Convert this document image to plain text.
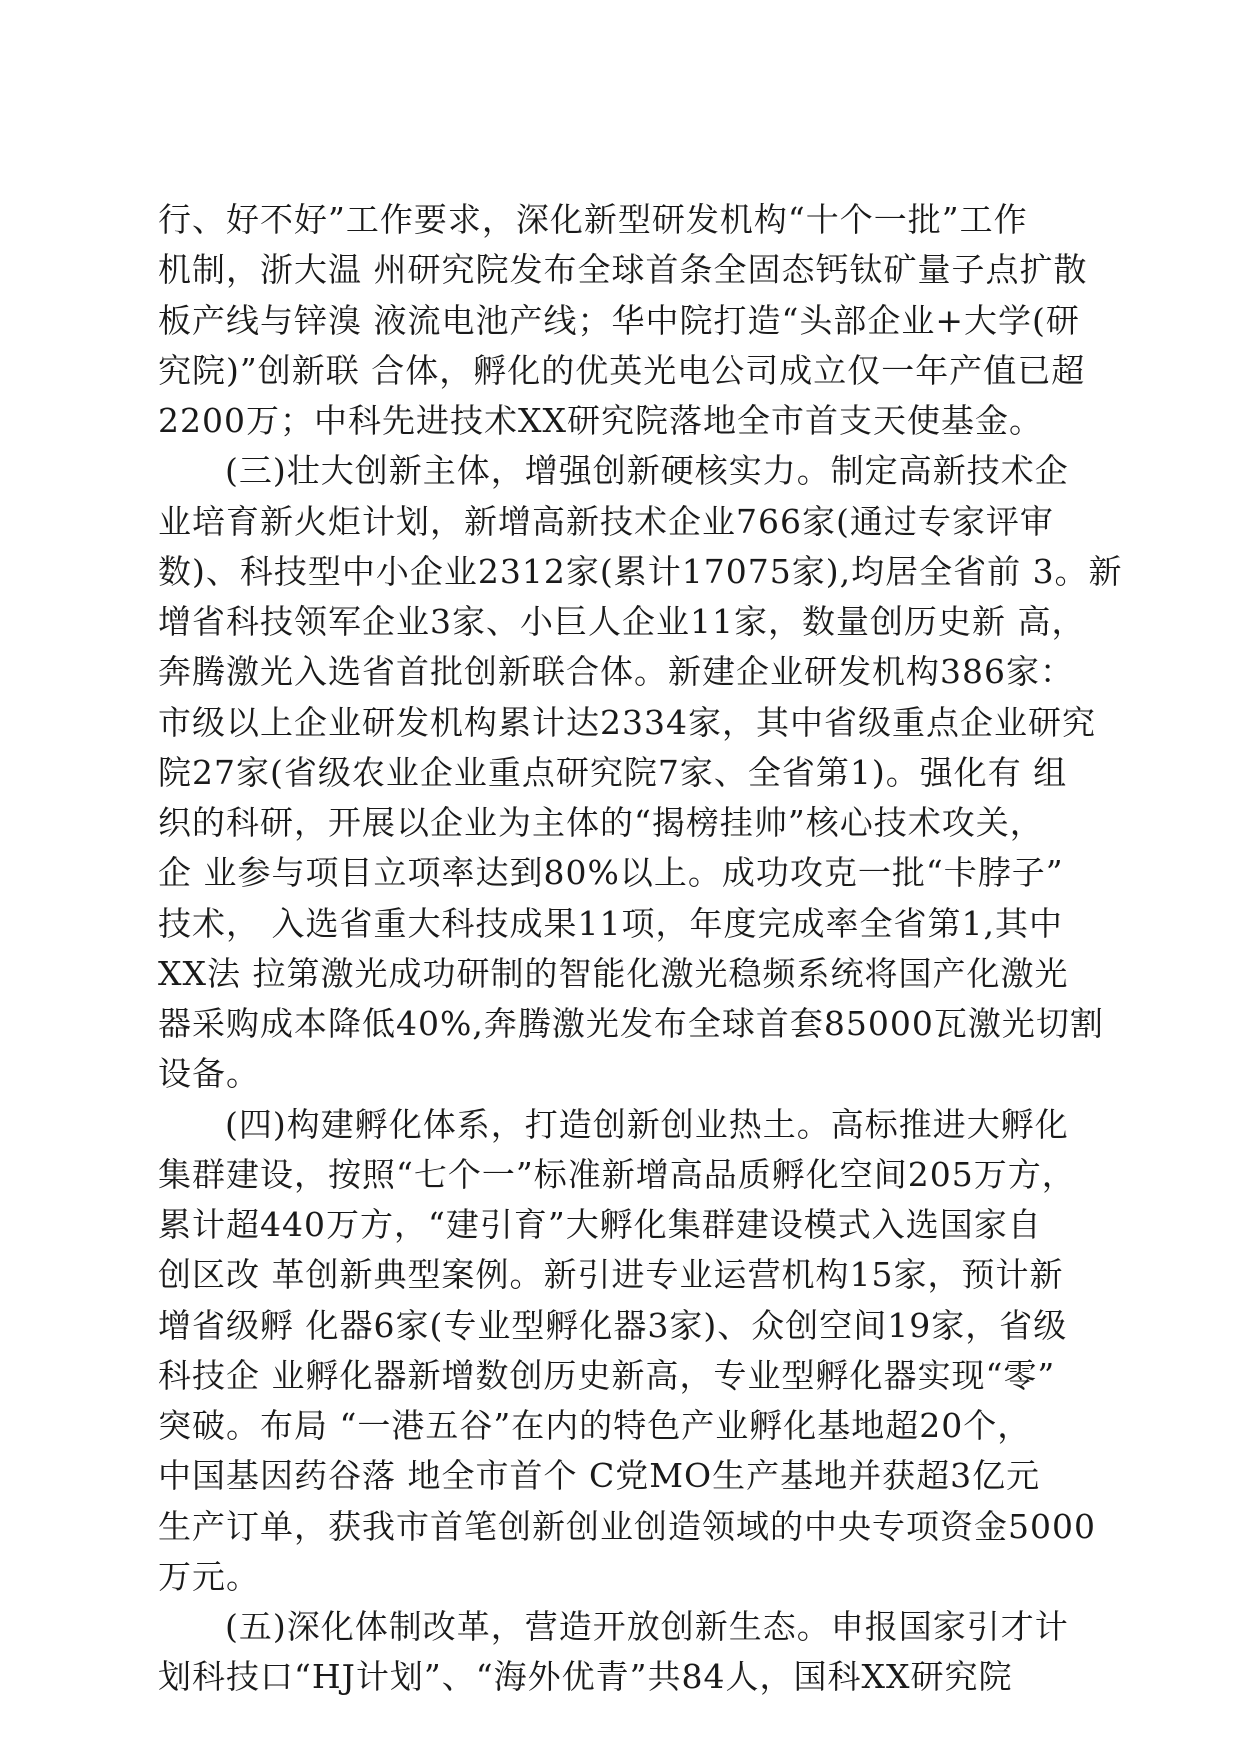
行、好不好”工作要求，深化新型研发机构“十个一批”工作
机制，浙大温 州研究院发布全球首条全固态钙钛矿量子点扩散
板产线与锌溴 液流电池产线；华中院打造“头部企业+大学(研
究院)”创新联 合体，孵化的优英光电公司成立仅一年产值已超
2200万；中科先进技术XX研究院落地全市首支天使基金。
(三)壮大创新主体，增强创新硬核实力。制定高新技术企
业培育新火炬计划，新增高新技术企业766家(通过专家评审
数)、科技型中小企业2312家(累计17075家),均居全省前 3。新
增省科技领军企业3家、小巨人企业11家，数量创历史新 高，
奔腾激光入选省首批创新联合体。新建企业研发机构386家：
市级以上企业研发机构累计达2334家，其中省级重点企业研究
院27家(省级农业企业重点研究院7家、全省第1)。强化有 组
织的科研，开展以企业为主体的“揭榜挂帅”核心技术攻关，
企 业参与项目立项率达到80%以上。成功攻克一批“卡脖子”
技术， 入选省重大科技成果11项，年度完成率全省第1,其中
XX法 拉第激光成功研制的智能化激光稳频系统将国产化激光
器采购成本降低40%,奔腾激光发布全球首套85000瓦激光切割
设备。
(四)构建孵化体系，打造创新创业热土。高标推进大孵化
集群建设，按照“七个一”标准新增高品质孵化空间205万方，
累计超440万方，“建引育”大孵化集群建设模式入选国家自
创区改 革创新典型案例。新引进专业运营机构15家，预计新
增省级孵 化器6家(专业型孵化器3家)、众创空间19家，省级
科技企 业孵化器新增数创历史新高，专业型孵化器实现“零”
突破。布局 “一港五谷”在内的特色产业孵化基地超20个，
中国基因药谷落 地全市首个 C党MO生产基地并获超3亿元
生产订单，获我市首笔创新创业创造领域的中央专项资金5000
万元。
(五)深化体制改革，营造开放创新生态。申报国家引才计
划科技口“HJ计划”、“海外优青”共84人，国科XX研究院
